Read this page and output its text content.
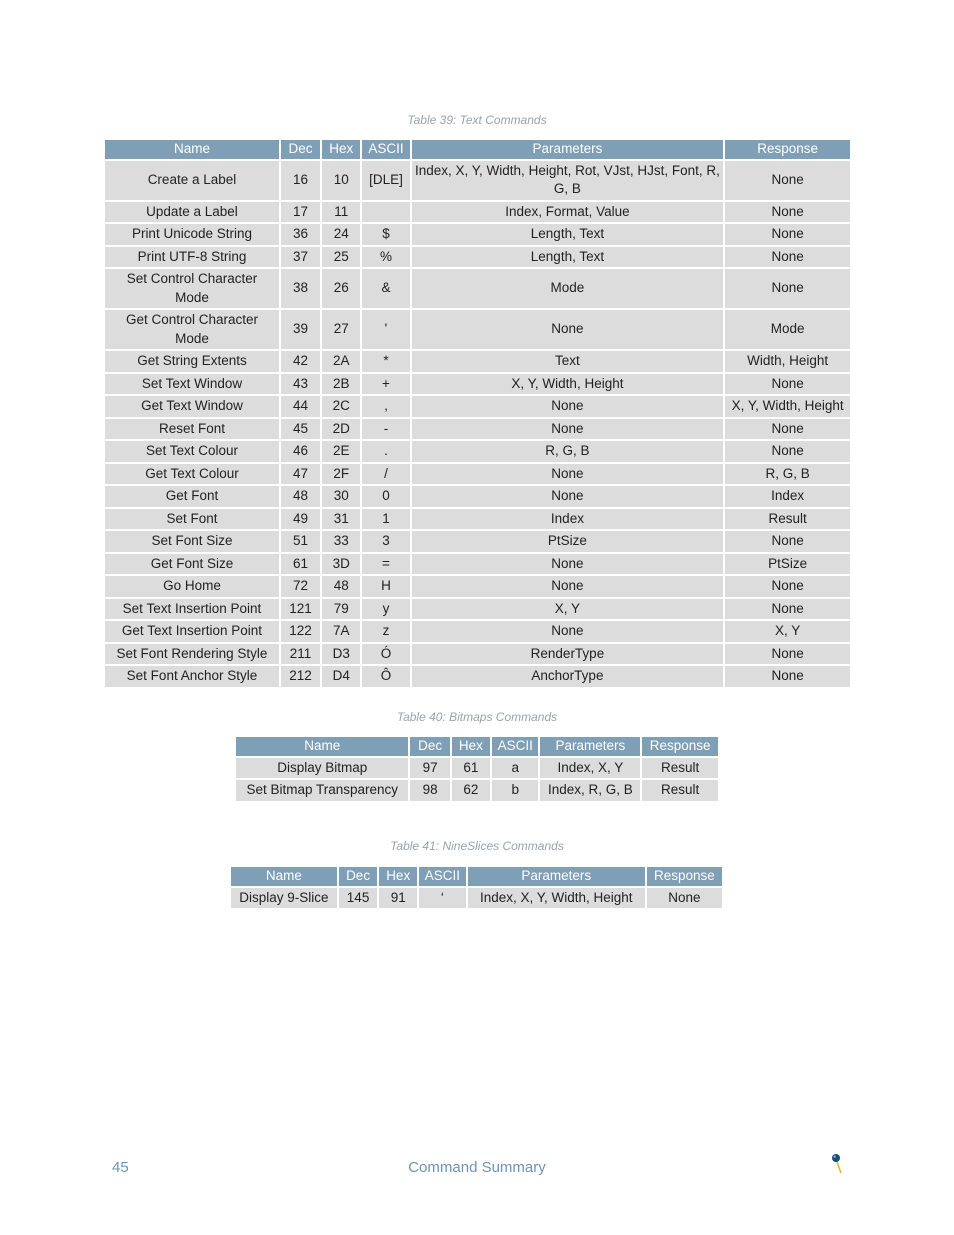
Table 39: Text Commands
Name	Dec	Hex	ASCII	Parameters	Response
Create a Label	16	10	[DLE]	Index, X, Y, Width, Height, Rot, VJst, HJst, Font, R, G, B	None
Update a Label	17	11		Index, Format, Value	None
Print Unicode String	36	24	$	Length, Text	None
Print UTF-8 String	37	25	%	Length, Text	None
Set Control Character Mode	38	26	&	Mode	None
Get Control Character Mode	39	27	'	None	Mode
Get String Extents	42	2A	*	Text	Width, Height
Set Text Window	43	2B	+	X, Y, Width, Height	None
Get Text Window	44	2C	,	None	X, Y, Width, Height
Reset Font	45	2D	-	None	None
Set Text Colour	46	2E	.	R, G, B	None
Get Text Colour	47	2F	/	None	R, G, B
Get Font	48	30	0	None	Index
Set Font	49	31	1	Index	Result
Set Font Size	51	33	3	PtSize	None
Get Font Size	61	3D	=	None	PtSize
Go Home	72	48	H	None	None
Set Text Insertion Point	121	79	y	X, Y	None
Get Text Insertion Point	122	7A	z	None	X, Y
Set Font Rendering Style	211	D3	Ó	RenderType	None
Set Font Anchor Style	212	D4	Ô	AnchorType	None
Table 40: Bitmaps Commands
Name	Dec	Hex	ASCII	Parameters	Response
Display Bitmap	97	61	a	Index, X, Y	Result
Set Bitmap Transparency	98	62	b	Index, R, G, B	Result
Table 41: NineSlices Commands
Name	Dec	Hex	ASCII	Parameters	Response
Display 9-Slice	145	91	‘	Index, X, Y, Width, Height	None
45	Command Summary
